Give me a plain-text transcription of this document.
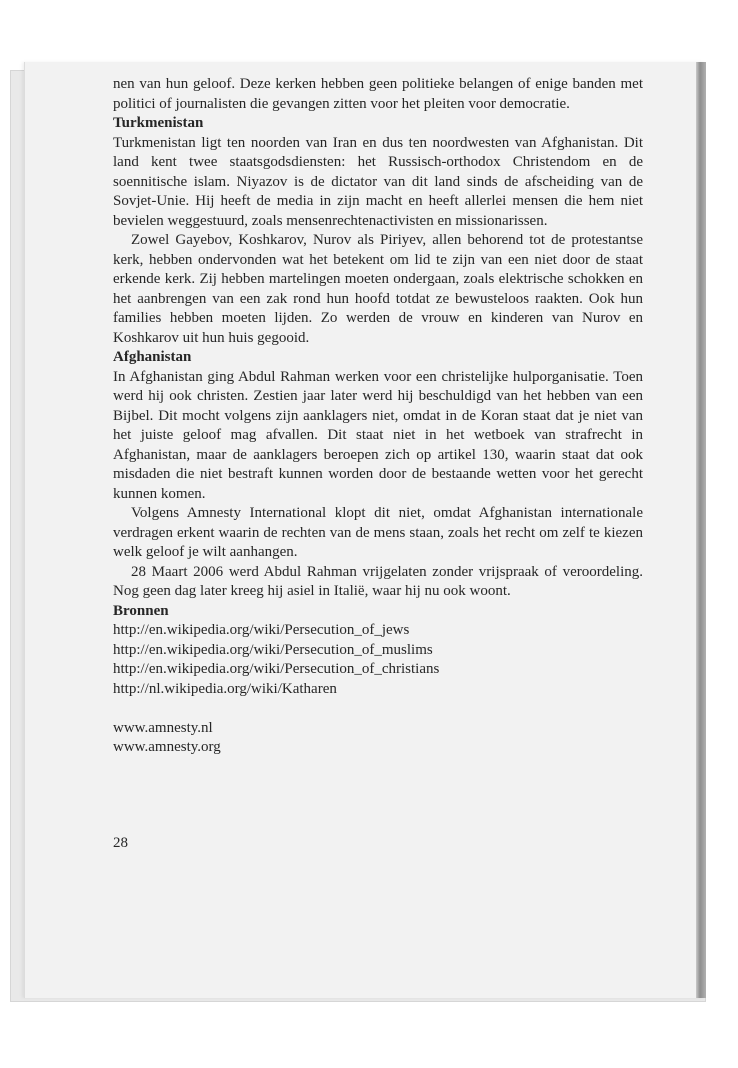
nen van hun geloof. Deze kerken hebben geen politieke belangen of enige banden met politici of journalisten die gevangen zitten voor het pleiten voor democratie.

Turkmenistan

Turkmenistan ligt ten noorden van Iran en dus ten noordwesten van Afghanistan. Dit land kent twee staatsgodsdiensten: het Russisch-orthodox Christendom en de soennitische islam. Niyazov is de dictator van dit land sinds de afscheiding van de Sovjet-Unie. Hij heeft de media in zijn macht en heeft allerlei mensen die hem niet bevielen weggestuurd, zoals mensenrechtenactivisten en missionarissen.

Zowel Gayebov, Koshkarov, Nurov als Piriyev, allen behorend tot de protestantse kerk, hebben ondervonden wat het betekent om lid te zijn van een niet door de staat erkende kerk. Zij hebben martelingen moeten ondergaan, zoals elektrische schokken en het aanbrengen van een zak rond hun hoofd totdat ze bewusteloos raakten. Ook hun families hebben moeten lijden. Zo werden de vrouw en kinderen van Nurov en Koshkarov uit hun huis gegooid.

Afghanistan

In Afghanistan ging Abdul Rahman werken voor een christelijke hulporganisatie. Toen werd hij ook christen. Zestien jaar later werd hij beschuldigd van het hebben van een Bijbel. Dit mocht volgens zijn aanklagers niet, omdat in de Koran staat dat je niet van het juiste geloof mag afvallen. Dit staat niet in het wetboek van strafrecht in Afghanistan, maar de aanklagers beroepen zich op artikel 130, waarin staat dat ook misdaden die niet bestraft kunnen worden door de bestaande wetten voor het gerecht kunnen komen.

Volgens Amnesty International klopt dit niet, omdat Afghanistan internationale verdragen erkent waarin de rechten van de mens staan, zoals het recht om zelf te kiezen welk geloof je wilt aanhangen.

28 Maart 2006 werd Abdul Rahman vrijgelaten zonder vrijspraak of veroordeling. Nog geen dag later kreeg hij asiel in Italië, waar hij nu ook woont.

Bronnen

http://en.wikipedia.org/wiki/Persecution_of_jews

http://en.wikipedia.org/wiki/Persecution_of_muslims

http://en.wikipedia.org/wiki/Persecution_of_christians

http://nl.wikipedia.org/wiki/Katharen

www.amnesty.nl

www.amnesty.org

28
